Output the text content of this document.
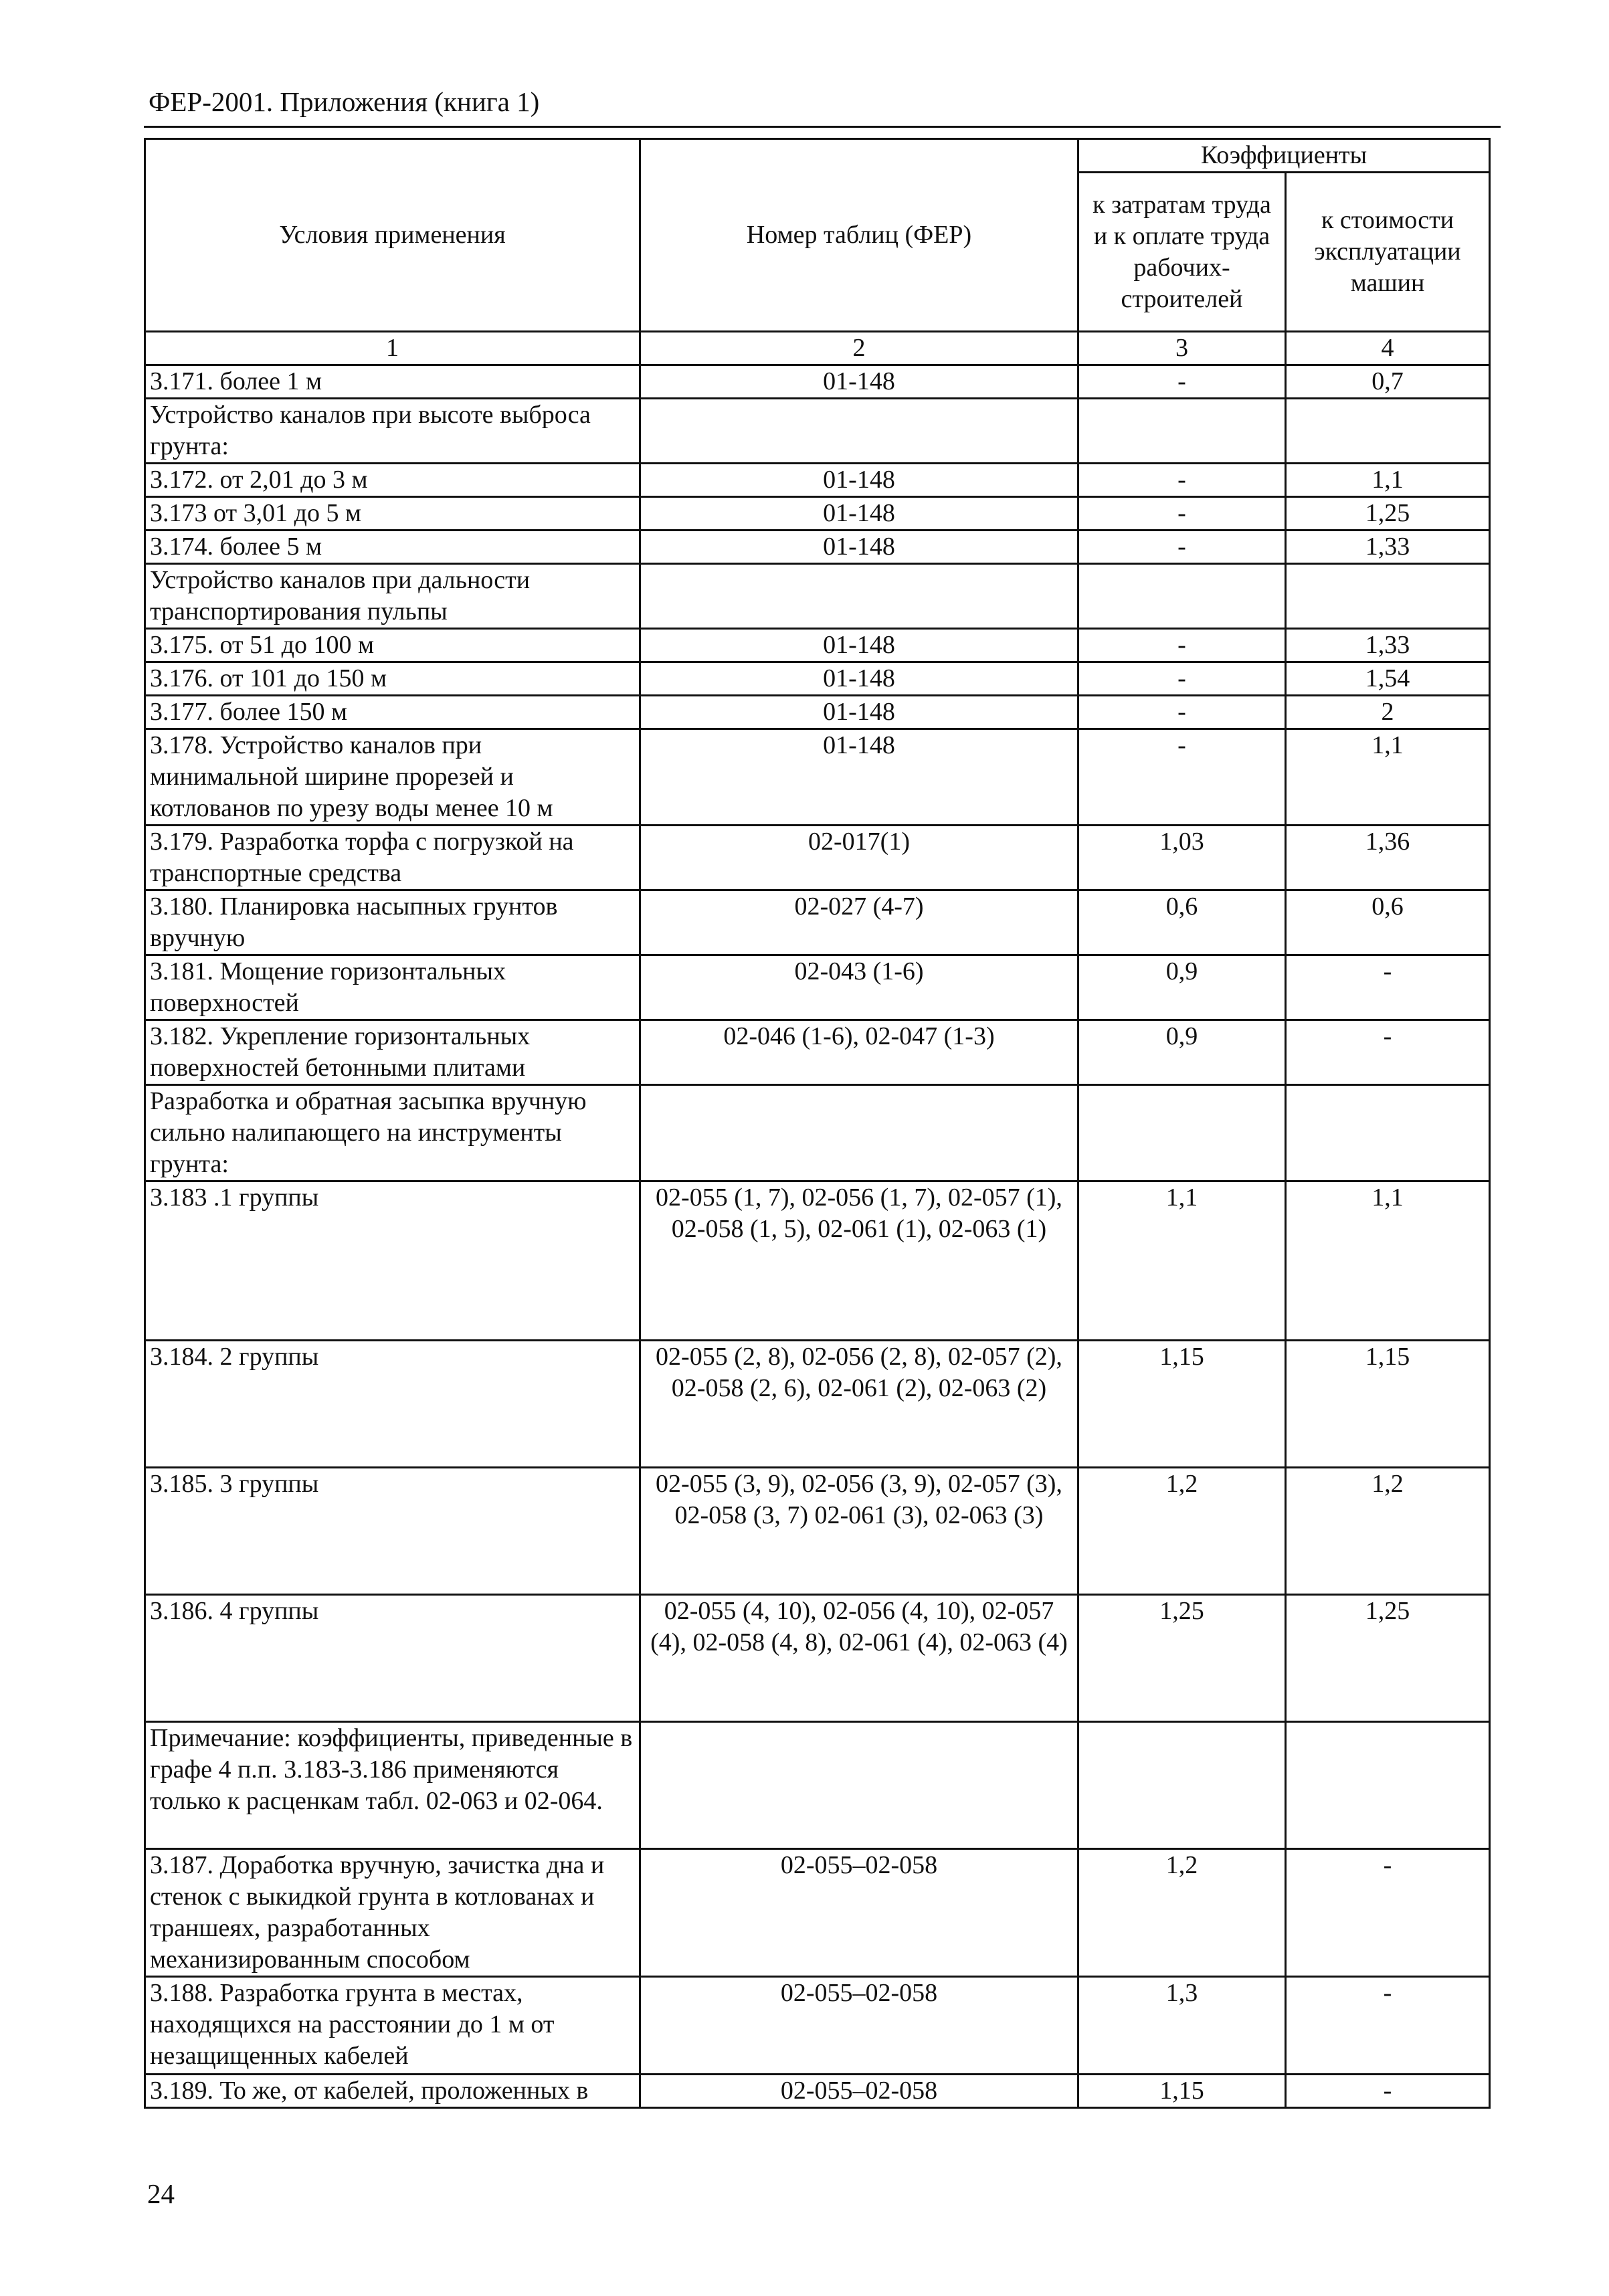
ФЕР-2001. Приложения (книга 1)
Условия применения	Номер таблиц (ФЕР)	Коэффициенты	
		к затратам труда и к оплате труда рабочих-строителей	к стоимости эксплуатации машин
1	2	3	4
3.171. более 1 м	01-148	-	0,7
Устройство каналов при высоте выброса грунта:			
3.172. от 2,01 до 3 м	01-148	-	1,1
3.173 от 3,01 до 5 м	01-148	-	1,25
3.174. более 5 м	01-148	-	1,33
Устройство каналов при дальности транспортирования пульпы			
3.175. от 51 до 100 м	01-148	-	1,33
3.176. от 101 до 150 м	01-148	-	1,54
3.177. более 150 м	01-148	-	2
3.178. Устройство каналов при минимальной ширине прорезей и котлованов по урезу воды менее 10 м	01-148	-	1,1
3.179. Разработка торфа с погрузкой на транспортные средства	02-017(1)	1,03	1,36
3.180. Планировка насыпных грунтов вручную	02-027 (4-7)	0,6	0,6
3.181. Мощение горизонтальных поверхностей	02-043 (1-6)	0,9	-
3.182. Укрепление горизонтальных поверхностей бетонными плитами	02-046 (1-6), 02-047 (1-3)	0,9	-
Разработка и обратная засыпка вручную сильно налипающего на инструменты грунта:			
3.183 .1 группы	02-055 (1, 7), 02-056 (1, 7), 02-057 (1), 02-058 (1, 5), 02-061 (1), 02-063 (1)	1,1	1,1
3.184. 2 группы	02-055 (2, 8), 02-056 (2, 8), 02-057 (2), 02-058 (2, 6), 02-061 (2), 02-063 (2)	1,15	1,15
3.185. 3 группы	02-055 (3, 9), 02-056 (3, 9), 02-057 (3), 02-058 (3, 7) 02-061 (3), 02-063 (3)	1,2	1,2
3.186. 4 группы	02-055 (4, 10), 02-056 (4, 10), 02-057 (4), 02-058 (4, 8), 02-061 (4), 02-063 (4)	1,25	1,25
Примечание: коэффициенты, приведенные в графе 4 п.п. 3.183-3.186 применяются только к расценкам табл. 02-063 и 02-064.			
3.187. Доработка вручную, зачистка дна и стенок с выкидкой грунта в котлованах и траншеях, разработанных механизированным способом	02-055–02-058	1,2	-
3.188. Разработка грунта в местах, находящихся на расстоянии до 1 м от незащищенных кабелей	02-055–02-058	1,3	-
3.189. То же, от кабелей, проложенных в	02-055–02-058	1,15	-
24
